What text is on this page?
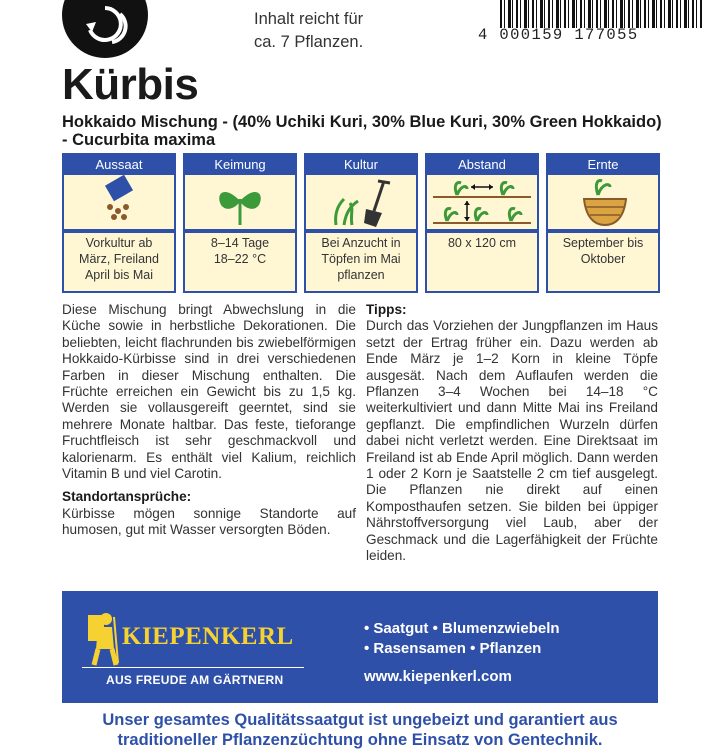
Inhalt reicht für
ca. 7 Pflanzen.	4 000159 177055
Kürbis
Hokkaido Mischung - (40% Uchiki Kuri, 30% Blue Kuri, 30% Green Hokkaido) - Cucurbita maxima
Aussaat
Vorkultur ab
März, Freiland
April bis Mai
Keimung
8–14 Tage
18–22 °C
Kultur
Bei Anzucht in
Töpfen im Mai
pflanzen
Abstand
80 x 120 cm
Ernte
September bis
Oktober

Diese Mischung bringt Abwechslung in die Küche sowie in herbstliche Dekorationen. Die beliebten, leicht flachrunden bis zwiebelförmigen Hokkaido-Kürbisse sind in drei verschiedenen Farben in dieser Mischung enthalten. Die Früchte erreichen ein Gewicht bis zu 1,5 kg. Werden sie vollausgereift geerntet, sind sie mehrere Monate haltbar. Das feste, tieforange Fruchtfleisch ist sehr geschmackvoll und kalorienarm. Es enthält viel Kalium, reichlich Vitamin B und viel Carotin.

Standortansprüche:

Kürbisse mögen sonnige Standorte auf humosen, gut mit Wasser versorgten Böden.

Tipps:

Durch das Vorziehen der Jungpflanzen im Haus setzt der Ertrag früher ein. Dazu werden ab Ende März je 1–2 Korn in kleine Töpfe ausgesät. Nach dem Auflaufen werden die Pflanzen 3–4 Wochen bei 14–18 °C weiterkultiviert und dann Mitte Mai ins Freiland gepflanzt. Die empfindlichen Wurzeln dürfen dabei nicht verletzt werden. Eine Direktsaat im Freiland ist ab Ende April möglich. Dann werden 1 oder 2 Korn je Saatstelle 2 cm tief ausgelegt. Die Pflanzen nie direkt auf einen Komposthaufen setzen. Sie bilden bei üppiger Nährstoffversorgung viel Laub, aber der Geschmack und die Lagerfähigkeit der Früchte leiden.

KIEPENKERL
AUS FREUDE AM GÄRTNERN
• Saatgut • Blumenzwiebeln
• Rasensamen • Pflanzen
www.kiepenkerl.com
Unser gesamtes Qualitätssaatgut ist ungebeizt und garantiert aus
traditioneller Pflanzenzüchtung ohne Einsatz von Gentechnik.
